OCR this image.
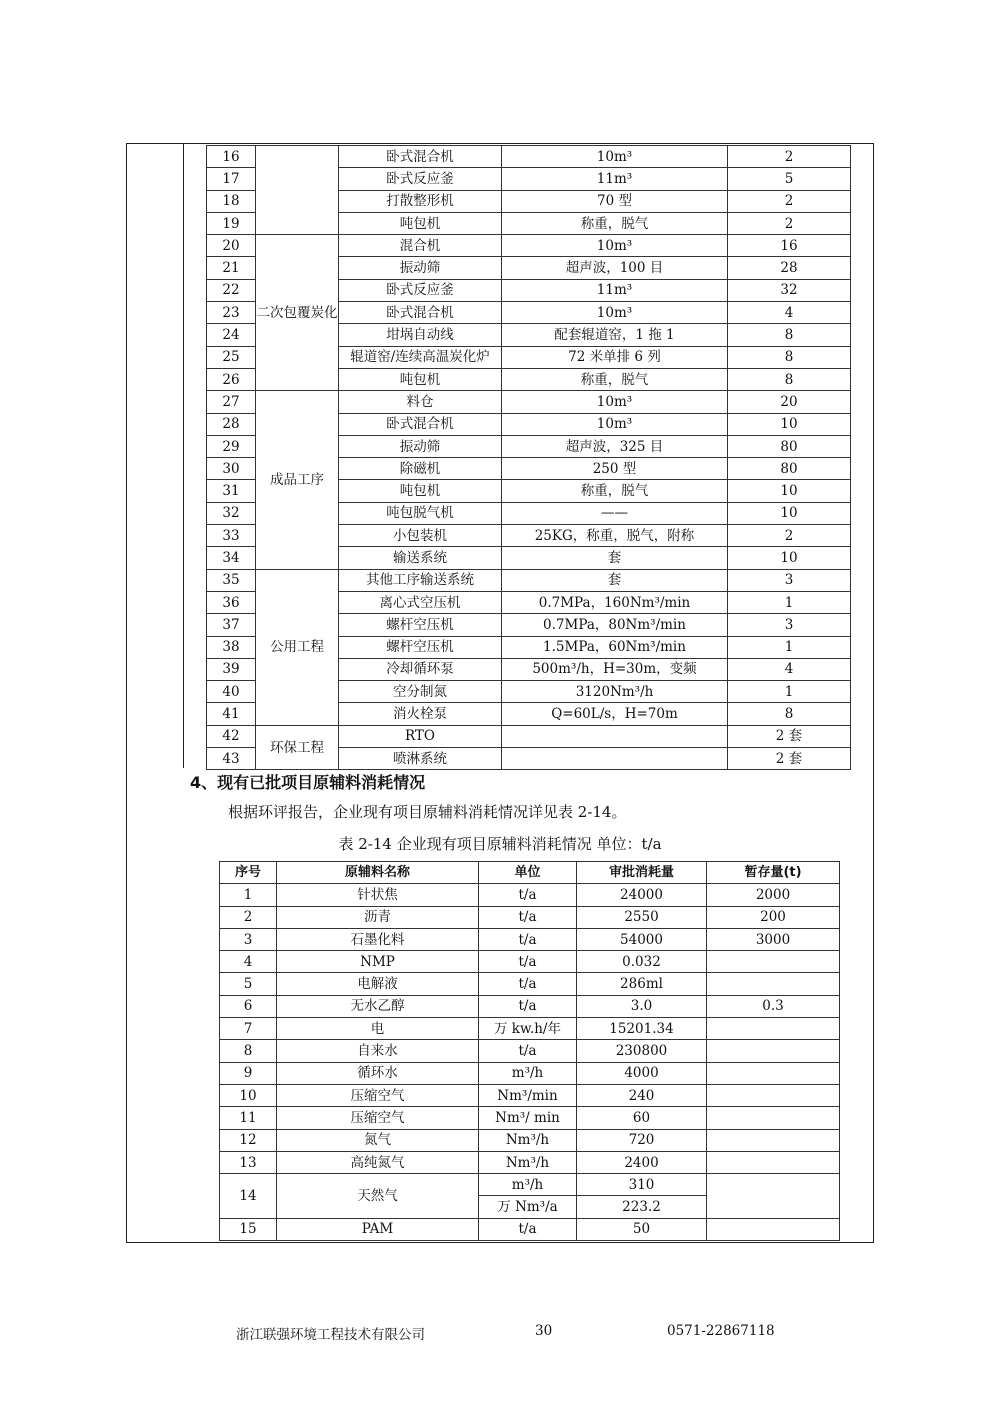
16		卧式混合机	10m³	2
17		卧式反应釜	11m³	5
18		打散整形机	70 型	2
19		吨包机	称重，脱气	2
20	二次包覆炭化	混合机	10m³	16
21		振动筛	超声波，100 目	28
22		卧式反应釜	11m³	32
23		卧式混合机	10m³	4
24		坩埚自动线	配套辊道窑，1 拖 1	8
25		辊道窑/连续高温炭化炉	72 米单排 6 列	8
26		吨包机	称重，脱气	8
27	成品工序	料仓	10m³	20
28		卧式混合机	10m³	10
29		振动筛	超声波，325 目	80
30		除磁机	250 型	80
31		吨包机	称重，脱气	10
32		吨包脱气机	——	10
33		小包装机	25KG，称重，脱气，附称	2
34		输送系统	套	10
35	公用工程	其他工序输送系统	套	3
36		离心式空压机	0.7MPa，160Nm³/min	1
37		螺杆空压机	0.7MPa，80Nm³/min	3
38		螺杆空压机	1.5MPa，60Nm³/min	1
39		冷却循环泵	500m³/h，H=30m，变频	4
40		空分制氮	3120Nm³/h	1
41		消火栓泵	Q=60L/s，H=70m	8
42	环保工程	RTO		2 套
43		喷淋系统		2 套
4、现有已批项目原辅料消耗情况
根据环评报告，企业现有项目原辅料消耗情况详见表 2-14。
表 2-14 企业现有项目原辅料消耗情况 单位：t/a
序号	原辅料名称	单位	审批消耗量	暂存量(t)
1	针状焦	t/a	24000	2000
2	沥青	t/a	2550	200
3	石墨化料	t/a	54000	3000
4	NMP	t/a	0.032	
5	电解液	t/a	286ml	
6	无水乙醇	t/a	3.0	0.3
7	电	万 kw.h/年	15201.34	
8	自来水	t/a	230800	
9	循环水	m³/h	4000	
10	压缩空气	Nm³/min	240	
11	压缩空气	Nm³/ min	60	
12	氮气	Nm³/h	720	
13	高纯氮气	Nm³/h	2400	
14	天然气	m³/h	310	
		万 Nm³/a	223.2	
15	PAM	t/a	50	
浙江联强环境工程技术有限公司	30	0571-22867118
